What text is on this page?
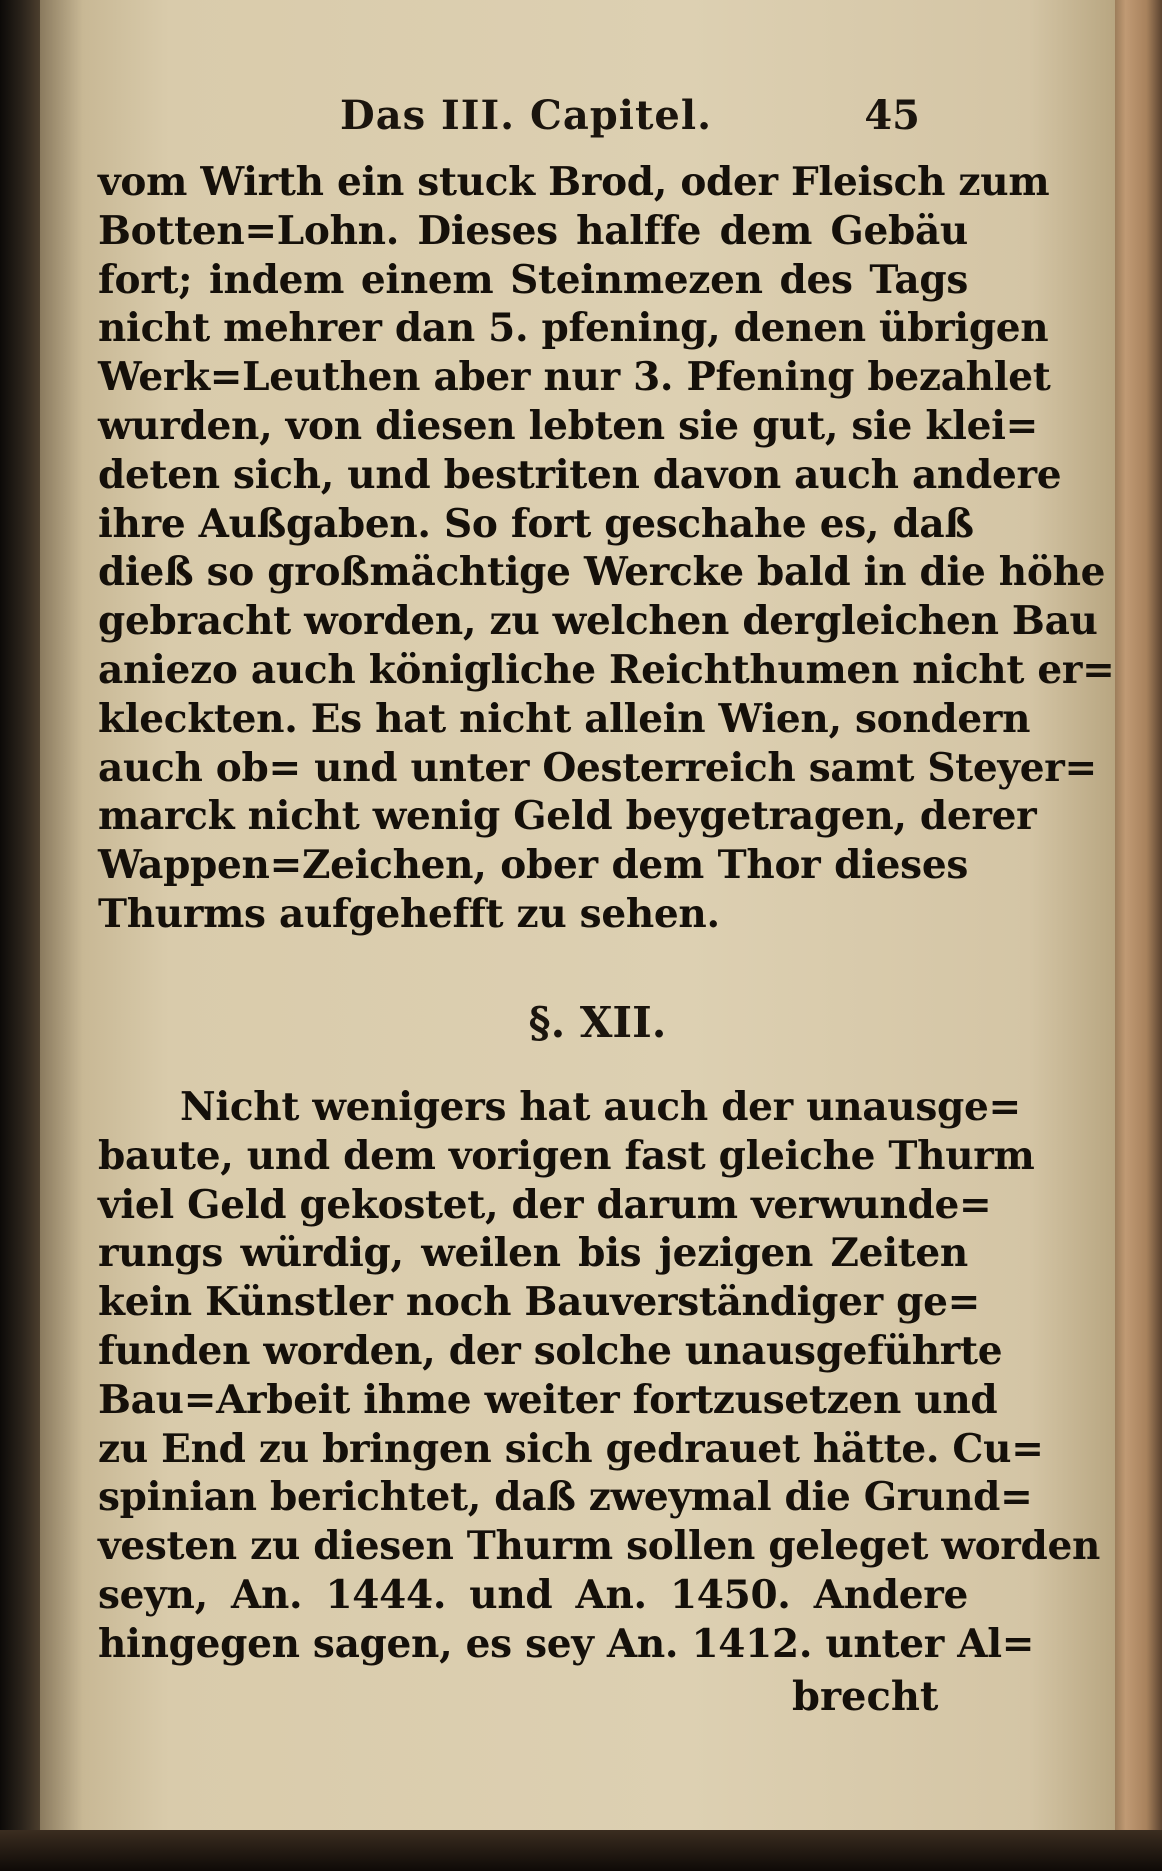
Das III. Capitel.	45
vom Wirth ein stuck Brod, oder Fleisch zum
Botten=Lohn. Dieses halffe dem Gebäu
fort; indem einem Steinmezen des Tags
nicht mehrer dan 5. pfening, denen übrigen
Werk=Leuthen aber nur 3. Pfening bezahlet
wurden, von diesen lebten sie gut, sie klei=
deten sich, und bestriten davon auch andere
ihre Außgaben. So fort geschahe es, daß
dieß so großmächtige Wercke bald in die höhe
gebracht worden, zu welchen dergleichen Bau
aniezo auch königliche Reichthumen nicht er=
kleckten. Es hat nicht allein Wien, sondern
auch ob= und unter Oesterreich samt Steyer=
marck nicht wenig Geld beygetragen, derer
Wappen=Zeichen, ober dem Thor dieses
Thurms aufgehefft zu sehen.
§. XII.
Nicht wenigers hat auch der unausge=
baute, und dem vorigen fast gleiche Thurm
viel Geld gekostet, der darum verwunde=
rungs würdig, weilen bis jezigen Zeiten
kein Künstler noch Bauverständiger ge=
funden worden, der solche unausgeführte
Bau=Arbeit ihme weiter fortzusetzen und
zu End zu bringen sich gedrauet hätte. Cu=
spinian berichtet, daß zweymal die Grund=
vesten zu diesen Thurm sollen geleget worden
seyn, An. 1444. und An. 1450. Andere
hingegen sagen, es sey An. 1412. unter Al=
brecht
